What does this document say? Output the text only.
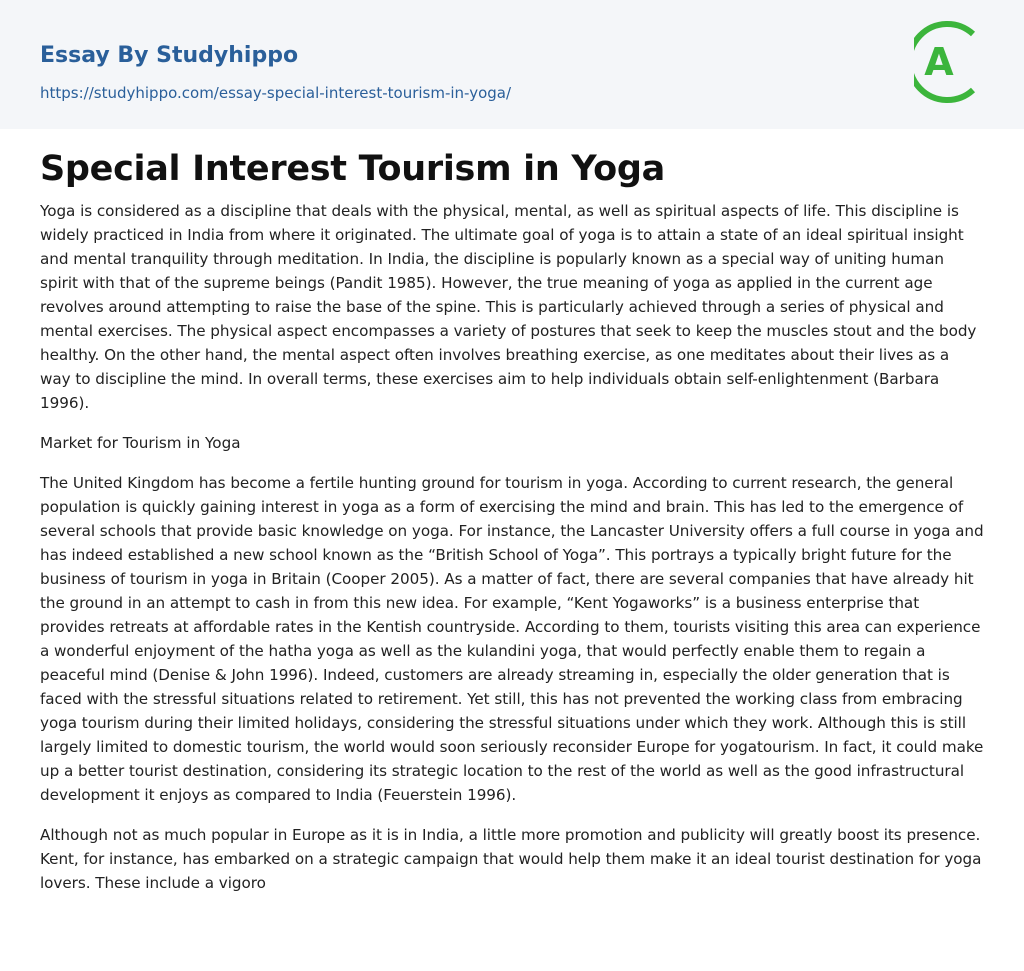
Essay By Studyhippo
https://studyhippo.com/essay-special-interest-tourism-in-yoga/
A
Special Interest Tourism in Yoga

Yoga is considered as a discipline that deals with the physical, mental, as well as spiritual aspects of life. This discipline is widely practiced in India from where it originated. The ultimate goal of yoga is to attain a state of an ideal spiritual insight and mental tranquility through meditation. In India, the discipline is popularly known as a special way of uniting human spirit with that of the supreme beings (Pandit 1985). However, the true meaning of yoga as applied in the current age revolves around attempting to raise the base of the spine. This is particularly achieved through a series of physical and mental exercises. The physical aspect encompasses a variety of postures that seek to keep the muscles stout and the body healthy. On the other hand, the mental aspect often involves breathing exercise, as one meditates about their lives as a way to discipline the mind. In overall terms, these exercises aim to help individuals obtain self-enlightenment (Barbara 1996).

Market for Tourism in Yoga

The United Kingdom has become a fertile hunting ground for tourism in yoga. According to current research, the general population is quickly gaining interest in yoga as a form of exercising the mind and brain. This has led to the emergence of several schools that provide basic knowledge on yoga. For instance, the Lancaster University offers a full course in yoga and has indeed established a new school known as the “British School of Yoga”. This portrays a typically bright future for the business of tourism in yoga in Britain (Cooper 2005). As a matter of fact, there are several companies that have already hit the ground in an attempt to cash in from this new idea. For example, “Kent Yogaworks” is a business enterprise that provides retreats at affordable rates in the Kentish countryside. According to them, tourists visiting this area can experience a wonderful enjoyment of the hatha yoga as well as the kulandini yoga, that would perfectly enable them to regain a peaceful mind (Denise & John 1996). Indeed, customers are already streaming in, especially the older generation that is faced with the stressful situations related to retirement. Yet still, this has not prevented the working class from embracing yoga tourism during their limited holidays, considering the stressful situations under which they work. Although this is still largely limited to domestic tourism, the world would soon seriously reconsider Europe for yogatourism. In fact, it could make up a better tourist destination, considering its strategic location to the rest of the world as well as the good infrastructural development it enjoys as compared to India (Feuerstein 1996).

Although not as much popular in Europe as it is in India, a little more promotion and publicity will greatly boost its presence. Kent, for instance, has embarked on a strategic campaign that would help them make it an ideal tourist destination for yoga lovers. These include a vigoro
